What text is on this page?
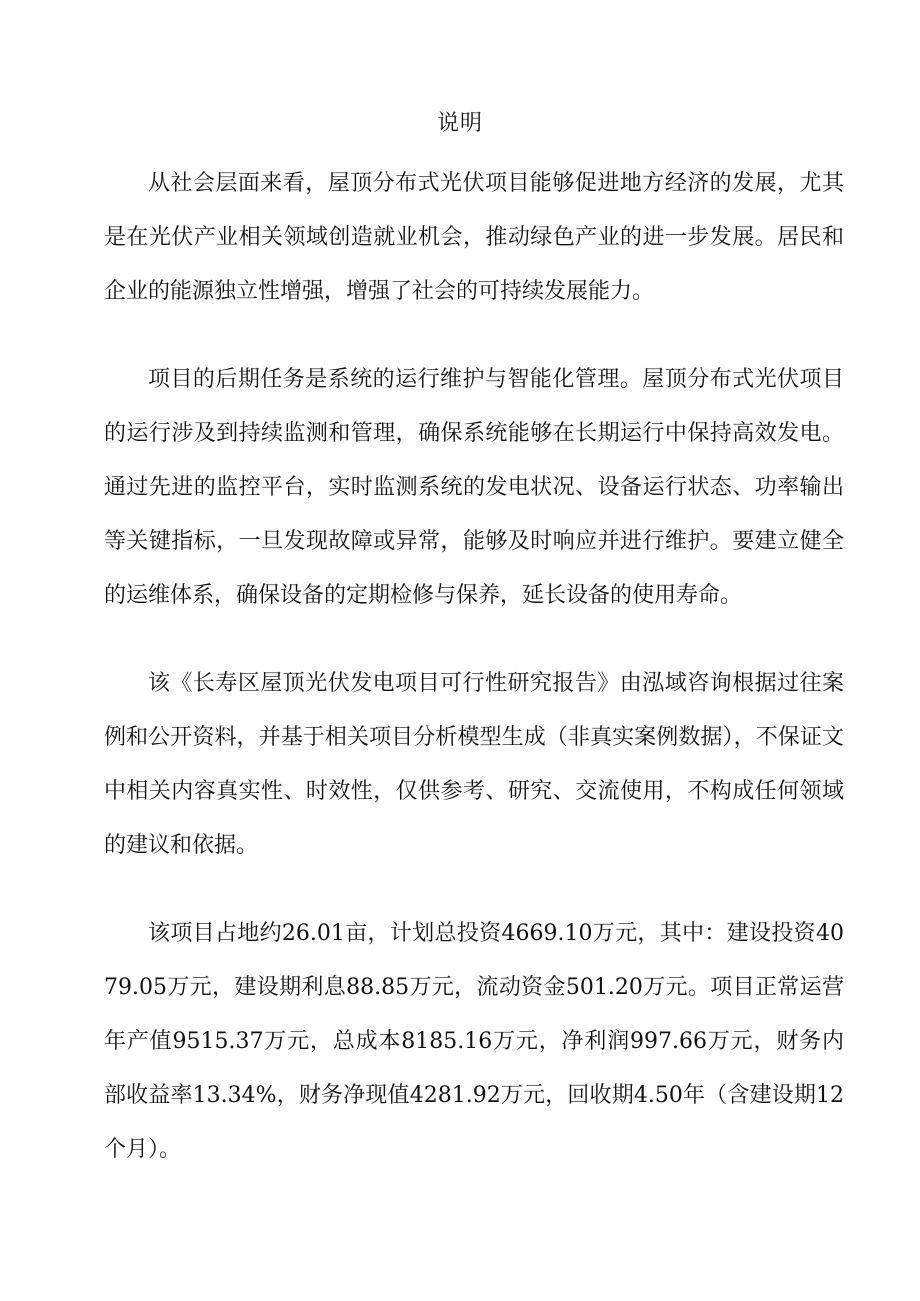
说明

从社会层面来看，屋顶分布式光伏项目能够促进地方经济的发展，尤其是在光伏产业相关领域创造就业机会，推动绿色产业的进一步发展。居民和企业的能源独立性增强，增强了社会的可持续发展能力。

项目的后期任务是系统的运行维护与智能化管理。屋顶分布式光伏项目的运行涉及到持续监测和管理，确保系统能够在长期运行中保持高效发电。通过先进的监控平台，实时监测系统的发电状况、设备运行状态、功率输出等关键指标，一旦发现故障或异常，能够及时响应并进行维护。要建立健全的运维体系，确保设备的定期检修与保养，延长设备的使用寿命。

该《长寿区屋顶光伏发电项目可行性研究报告》由泓域咨询根据过往案例和公开资料，并基于相关项目分析模型生成（非真实案例数据），不保证文中相关内容真实性、时效性，仅供参考、研究、交流使用，不构成任何领域的建议和依据。

该项目占地约26.01亩，计划总投资4669.10万元，其中：建设投资4079.05万元，建设期利息88.85万元，流动资金501.20万元。项目正常运营年产值9515.37万元，总成本8185.16万元，净利润997.66万元，财务内部收益率13.34%，财务净现值4281.92万元，回收期4.50年（含建设期12个月）。
